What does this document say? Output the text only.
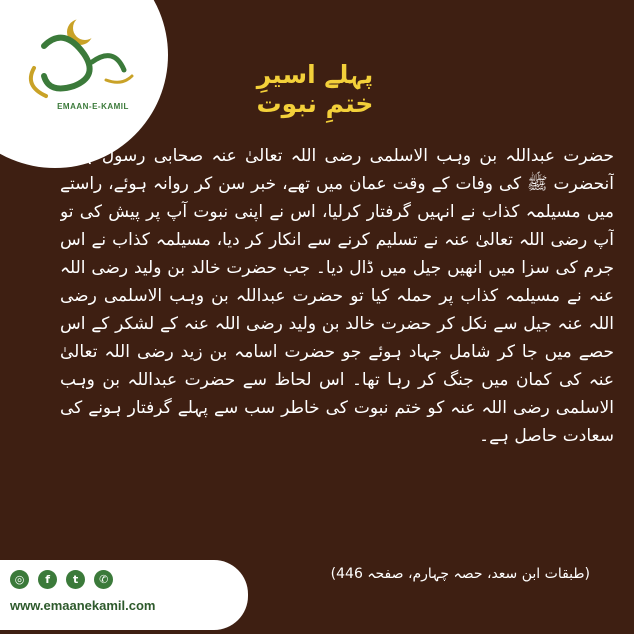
EMAAN-E-KAMIL
پہلے اسیرِ ختمِ نبوت
حضرت عبداللہ بن وہب الاسلمی رضی اللہ تعالیٰ عنہ صحابی رسول ہیں، آنحضرت ﷺ کی وفات کے وقت عمان میں تھے، خبر سن کر روانہ ہوئے، راستے میں مسیلمہ کذاب نے انہیں گرفتار کرلیا، اس نے اپنی نبوت آپ پر پیش کی تو آپ رضی اللہ تعالیٰ عنہ نے تسلیم کرنے سے انکار کر دیا، مسیلمہ کذاب نے اس جرم کی سزا میں انھیں جیل میں ڈال دیا۔ جب حضرت خالد بن ولید رضی اللہ عنہ نے مسیلمہ کذاب پر حملہ کیا تو حضرت عبداللہ بن وہب الاسلمی رضی اللہ عنہ جیل سے نکل کر حضرت خالد بن ولید رضی اللہ عنہ کے لشکر کے اس حصے میں جا کر شامل جہاد ہوئے جو حضرت اسامہ بن زید رضی اللہ تعالیٰ عنہ کی کمان میں جنگ کر رہا تھا۔ اس لحاظ سے حضرت عبداللہ بن وہب الاسلمی رضی اللہ عنہ کو ختم نبوت کی خاطر سب سے پہلے گرفتار ہونے کی سعادت حاصل ہے۔
(طبقات ابن سعد، حصہ چہارم، صفحہ 446)
◎ f t ✆
www.emaanekamil.com
